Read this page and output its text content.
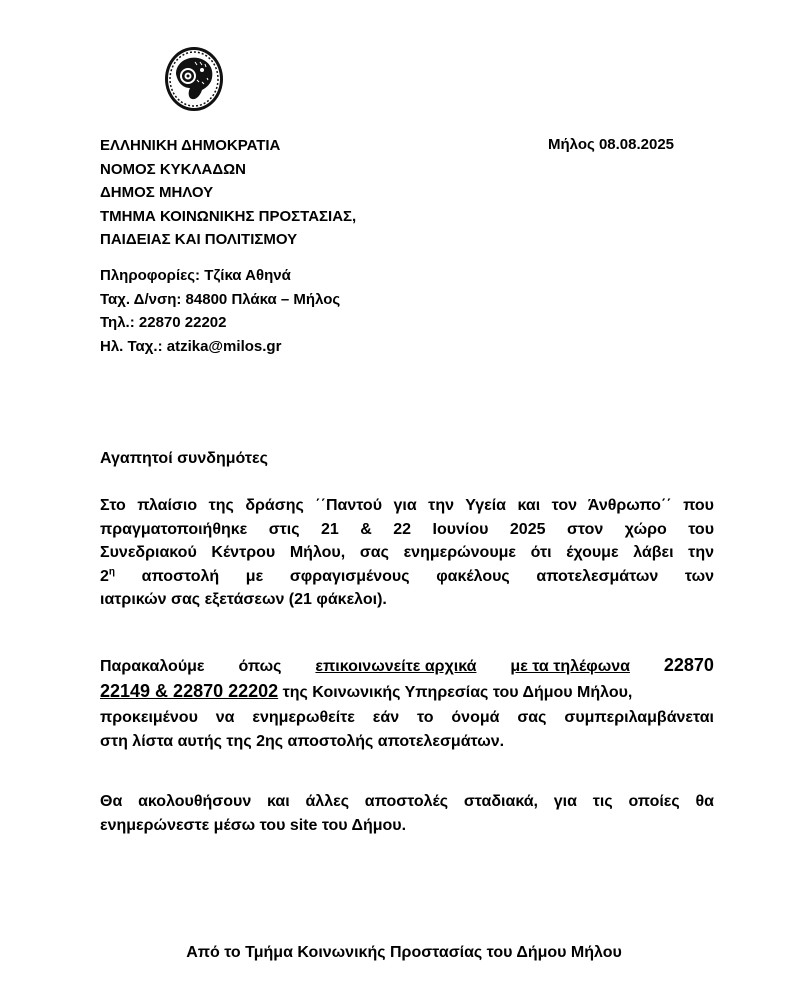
ΕΛΛΗΝΙΚΗ ΔΗΜΟΚΡΑΤΙΑ
ΝΟΜΟΣ ΚΥΚΛΑΔΩΝ
ΔΗΜΟΣ ΜΗΛΟΥ
ΤΜΗΜΑ ΚΟΙΝΩΝΙΚΗΣ ΠΡΟΣΤΑΣΙΑΣ,
ΠΑΙΔΕΙΑΣ ΚΑΙ ΠΟΛΙΤΙΣΜΟΥ
Μήλος 08.08.2025
Πληροφορίες: Τζίκα Αθηνά
Ταχ. Δ/νση: 84800 Πλάκα – Μήλος
Τηλ.: 22870 22202
Ηλ. Ταχ.: atzika@milos.gr
Αγαπητοί συνδημότες
Στο πλαίσιο της δράσης ΄΄Παντού για την Υγεία και τον Άνθρωπο΄΄ που
πραγματοποιήθηκε στις 21 & 22 Ιουνίου 2025 στον χώρο του
Συνεδριακού Κέντρου Μήλου, σας ενημερώνουμε ότι έχουμε λάβει την
$2^\eta$ αποστολή με σφραγισμένους φακέλους αποτελεσμάτων των
ιατρικών σας εξετάσεων (21 φάκελοι).
Παρακαλούμε όπως επικοινωνείτε αρχικά με τα τηλέφωνα 22870
22149 & 22870 22202 της Κοινωνικής Υπηρεσίας του Δήμου Μήλου,
προκειμένου να ενημερωθείτε εάν το όνομά σας συμπεριλαμβάνεται
στη λίστα αυτής της 2ης αποστολής αποτελεσμάτων.
Θα ακολουθήσουν και άλλες αποστολές σταδιακά, για τις οποίες θα
ενημερώνεστε μέσω του site του Δήμου.
Από το Τμήμα Κοινωνικής Προστασίας του Δήμου Μήλου
